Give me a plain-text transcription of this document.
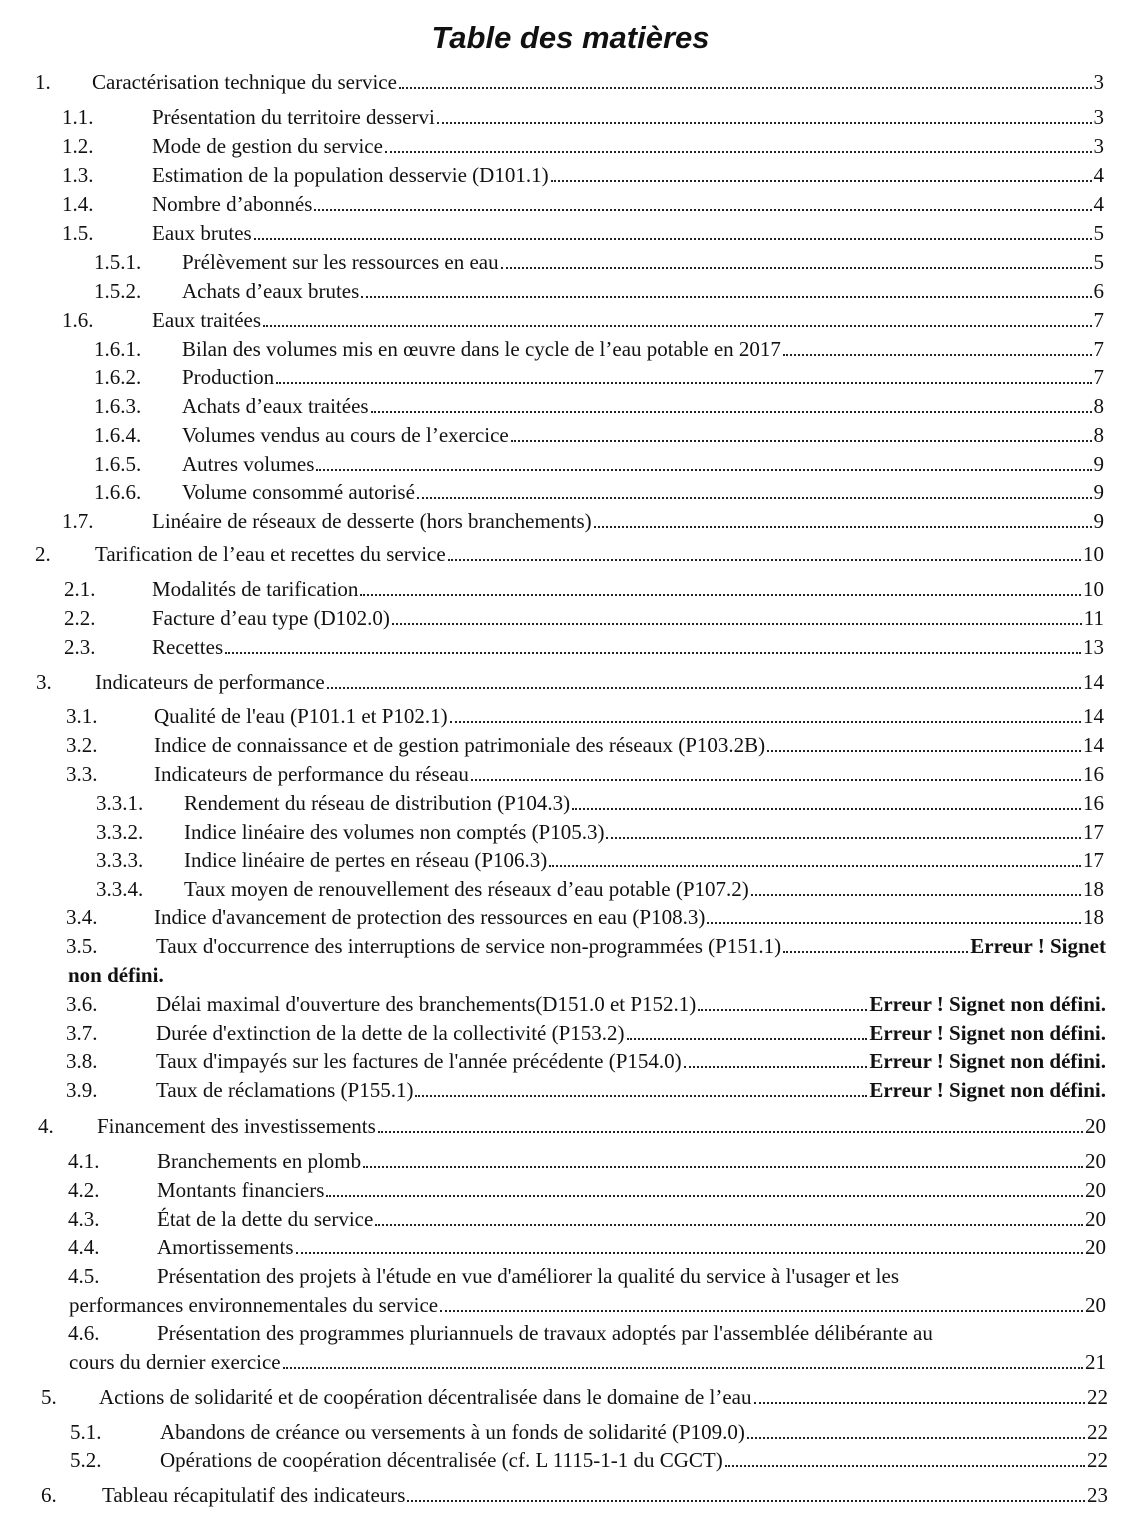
Table des matières
1. Caractérisation technique du service	3
1.1.	Présentation du territoire desservi	3
1.2.	Mode de gestion du service	3
1.3.	Estimation de la population desservie (D101.1)	4
1.4.	Nombre d’abonnés	4
1.5.	Eaux brutes	5
1.5.1. Prélèvement sur les ressources en eau	5
1.5.2. Achats d’eaux brutes	6
1.6.	Eaux traitées	7
1.6.1. Bilan des volumes mis en œuvre dans le cycle de l’eau potable en 2017	7
1.6.2. Production	7
1.6.3. Achats d’eaux traitées	8
1.6.4. Volumes vendus au cours de l’exercice	8
1.6.5. Autres volumes	9
1.6.6. Volume consommé autorisé	9
1.7.	Linéaire de réseaux de desserte (hors branchements)	9
2. Tarification de l’eau et recettes du service	10
2.1.	Modalités de tarification	10
2.2.	Facture d’eau type (D102.0)	11
2.3.	Recettes	13
3. Indicateurs de performance	14
3.1.	Qualité de l'eau (P101.1 et P102.1)	14
3.2.	Indice de connaissance et de gestion patrimoniale des réseaux (P103.2B)	14
3.3.	Indicateurs de performance du réseau	16
3.3.1. Rendement du réseau de distribution (P104.3)	16
3.3.2. Indice linéaire des volumes non comptés (P105.3)	17
3.3.3. Indice linéaire de pertes en réseau (P106.3)	17
3.3.4. Taux moyen de renouvellement des réseaux d’eau potable (P107.2)	18
3.4.	Indice d'avancement de protection des ressources en eau (P108.3)	18
3.5.	Taux d'occurrence des interruptions de service non-programmées (P151.1)	Erreur ! Signet
non défini.
3.6.	Délai maximal d'ouverture des branchements(D151.0 et P152.1)	Erreur ! Signet non défini.
3.7.	Durée d'extinction de la dette de la collectivité (P153.2)	Erreur ! Signet non défini.
3.8.	Taux d'impayés sur les factures de l'année précédente (P154.0)	Erreur ! Signet non défini.
3.9.	Taux de réclamations (P155.1)	Erreur ! Signet non défini.
4. Financement des investissements	20
4.1.	Branchements en plomb	20
4.2.	Montants financiers	20
4.3.	État de la dette du service	20
4.4.	Amortissements	20
4.5.	Présentation des projets à l'étude en vue d'améliorer la qualité du service à l'usager et les
performances environnementales du service	20
4.6.	Présentation des programmes pluriannuels de travaux adoptés par l'assemblée délibérante au
cours du dernier exercice	21
5. Actions de solidarité et de coopération décentralisée dans le domaine de l’eau	22
5.1.	Abandons de créance ou versements à un fonds de solidarité (P109.0)	22
5.2.	Opérations de coopération décentralisée (cf. L 1115-1-1 du CGCT)	22
6. Tableau récapitulatif des indicateurs	23
